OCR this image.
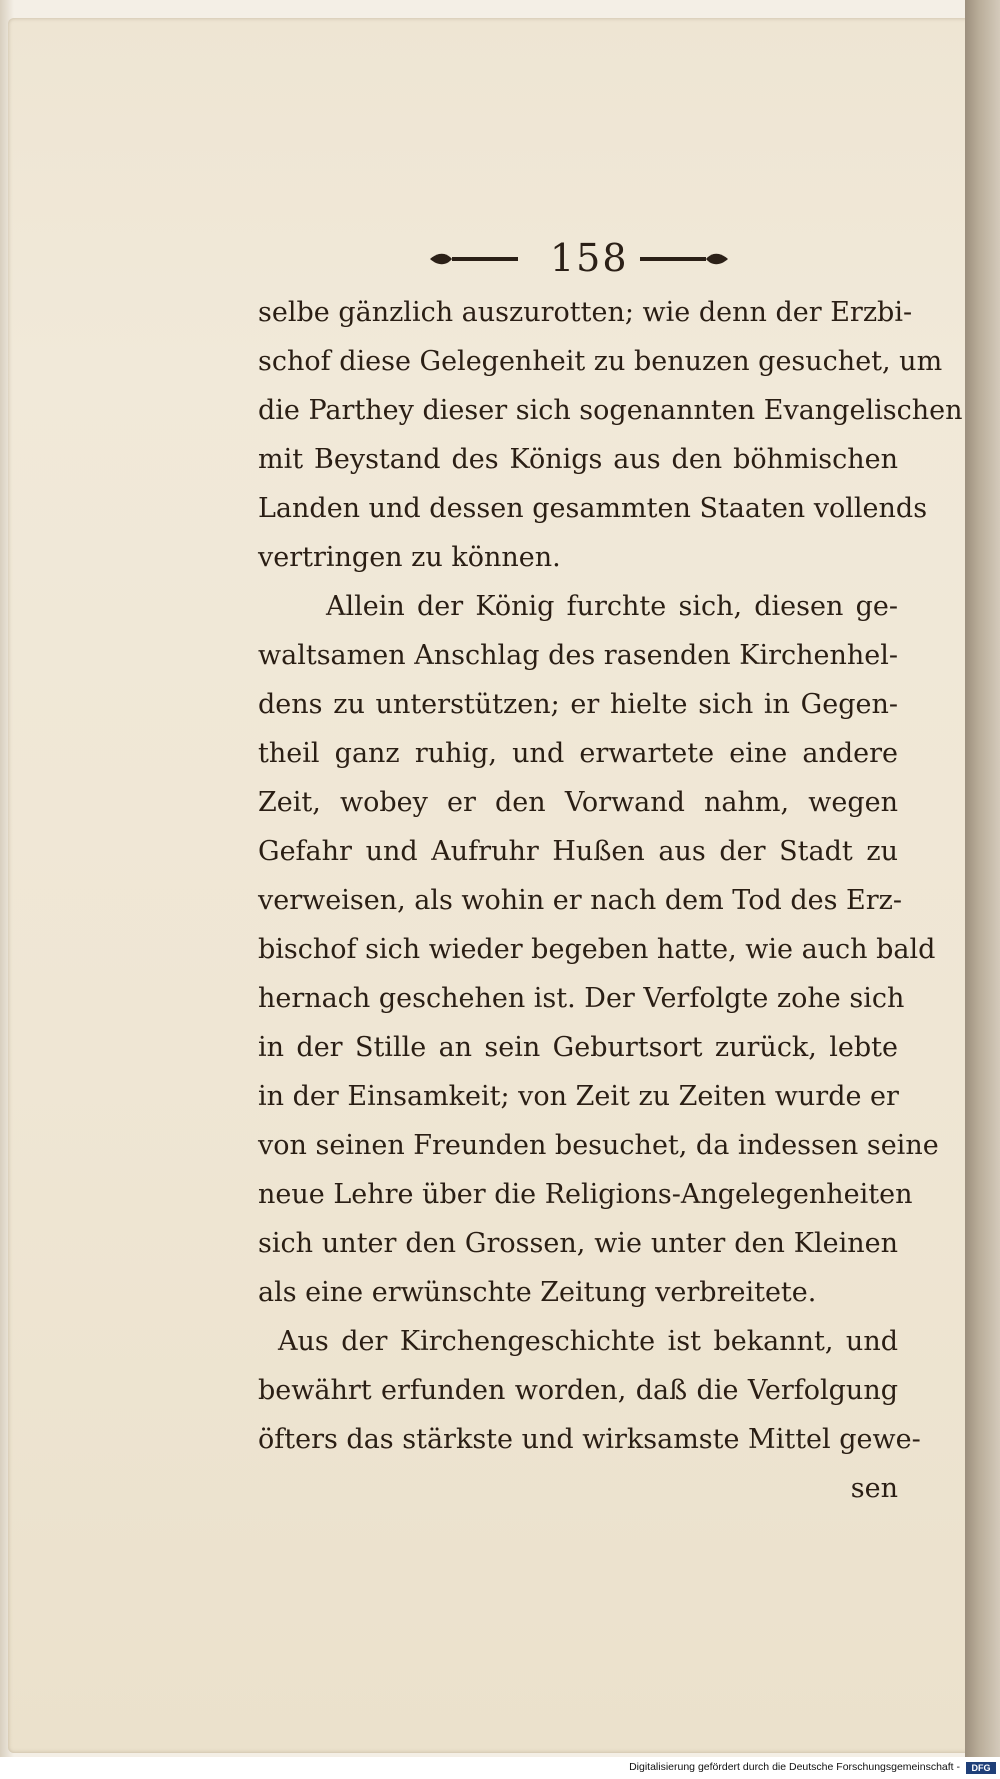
158
selbe gänzlich auszurotten; wie denn der Erzbi-
schof diese Gelegenheit zu benuzen gesuchet, um
die Parthey dieser sich sogenannten Evangelischen
mit Beystand des Königs aus den böhmischen
Landen und dessen gesammten Staaten vollends
vertringen zu können.
Allein der König furchte sich, diesen ge-
waltsamen Anschlag des rasenden Kirchenhel-
dens zu unterstützen; er hielte sich in Gegen-
theil ganz ruhig, und erwartete eine andere
Zeit, wobey er den Vorwand nahm, wegen
Gefahr und Aufruhr Hußen aus der Stadt zu
verweisen, als wohin er nach dem Tod des Erz-
bischof sich wieder begeben hatte, wie auch bald
hernach geschehen ist. Der Verfolgte zohe sich
in der Stille an sein Geburtsort zurück, lebte
in der Einsamkeit; von Zeit zu Zeiten wurde er
von seinen Freunden besuchet, da indessen seine
neue Lehre über die Religions-Angelegenheiten
sich unter den Grossen, wie unter den Kleinen
als eine erwünschte Zeitung verbreitete.
Aus der Kirchengeschichte ist bekannt, und
bewährt erfunden worden, daß die Verfolgung
öfters das stärkste und wirksamste Mittel gewe-
sen
Digitalisierung gefördert durch die Deutsche Forschungsgemeinschaft -	DFG
